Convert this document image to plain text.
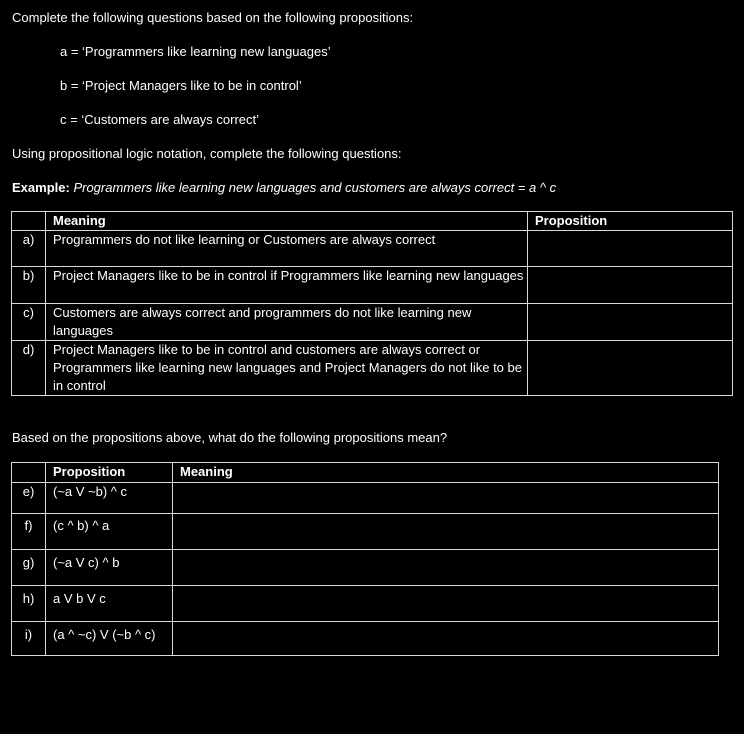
Complete the following questions based on the following propositions:
a = ‘Programmers like learning new languages’
b = ‘Project Managers like to be in control’
c = ‘Customers are always correct’
Using propositional logic notation, complete the following questions:
Example: Programmers like learning new languages and customers are always correct = a ^ c
	Meaning	Proposition
a)	Programmers do not like learning or Customers are always correct	
b)	Project Managers like to be in control if Programmers like learning new languages	
c)	Customers are always correct and programmers do not like learning new languages	
d)	Project Managers like to be in control and customers are always correct or Programmers like learning new languages and Project Managers do not like to be in control	
Based on the propositions above, what do the following propositions mean?
	Proposition	Meaning
e)	(~a V ~b) ^ c	
f)	(c ^ b) ^ a	
g)	(~a V c) ^ b	
h)	a V b V c	
i)	(a ^ ~c) V (~b ^ c)	
